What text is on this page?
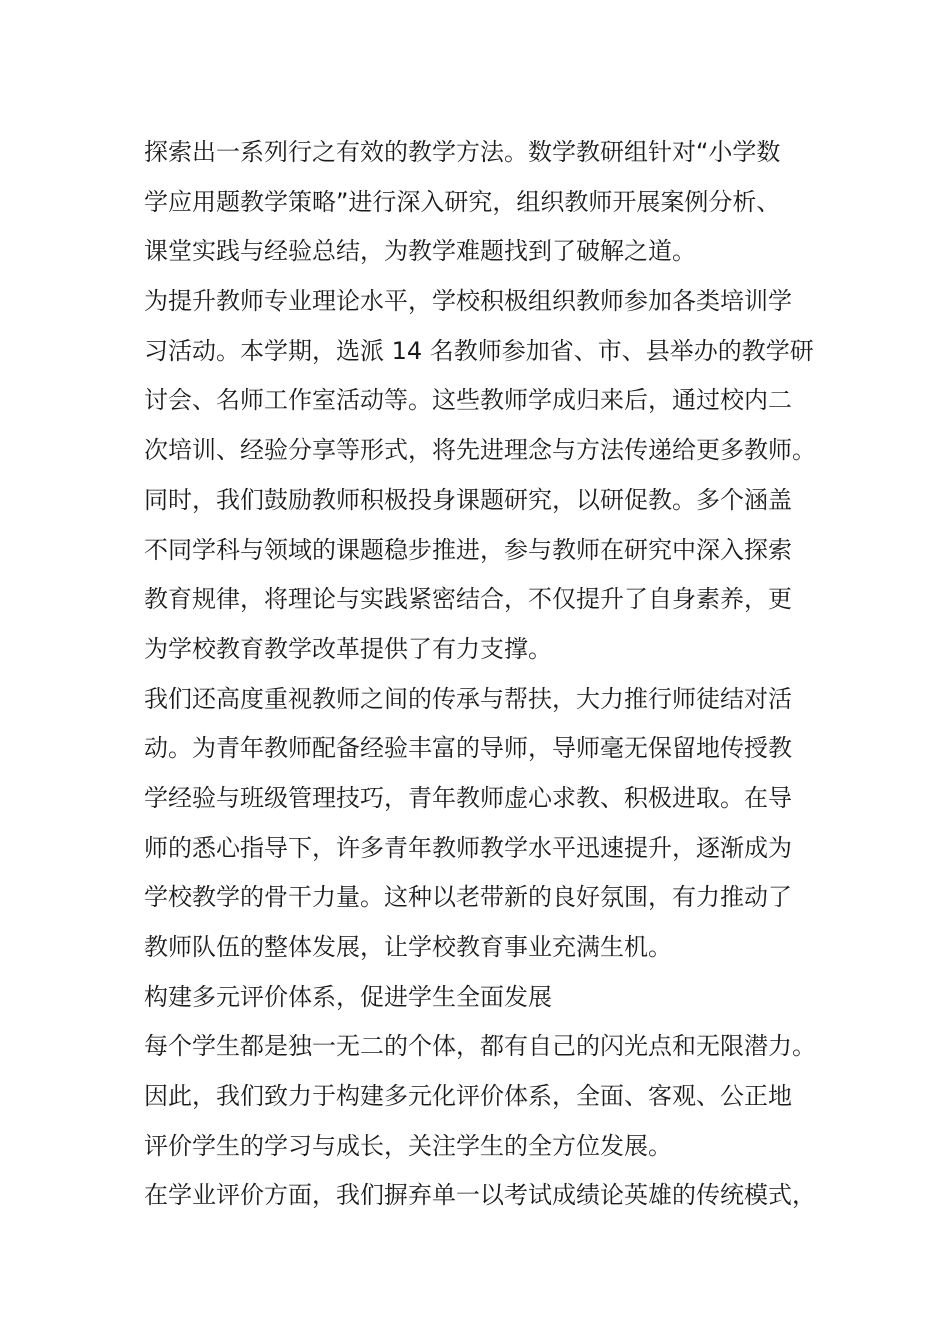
探索出一系列行之有效的教学方法。数学教研组针对“小学数
学应用题教学策略”进行深入研究，组织教师开展案例分析、
课堂实践与经验总结，为教学难题找到了破解之道。
为提升教师专业理论水平，学校积极组织教师参加各类培训学
习活动。本学期，选派 14 名教师参加省、市、县举办的教学研
讨会、名师工作室活动等。这些教师学成归来后，通过校内二
次培训、经验分享等形式，将先进理念与方法传递给更多教师。
同时，我们鼓励教师积极投身课题研究，以研促教。多个涵盖
不同学科与领域的课题稳步推进，参与教师在研究中深入探索
教育规律，将理论与实践紧密结合，不仅提升了自身素养，更
为学校教育教学改革提供了有力支撑。
我们还高度重视教师之间的传承与帮扶，大力推行师徒结对活
动。为青年教师配备经验丰富的导师，导师毫无保留地传授教
学经验与班级管理技巧，青年教师虚心求教、积极进取。在导
师的悉心指导下，许多青年教师教学水平迅速提升，逐渐成为
学校教学的骨干力量。这种以老带新的良好氛围，有力推动了
教师队伍的整体发展，让学校教育事业充满生机。
构建多元评价体系，促进学生全面发展
每个学生都是独一无二的个体，都有自己的闪光点和无限潜力。
因此，我们致力于构建多元化评价体系，全面、客观、公正地
评价学生的学习与成长，关注学生的全方位发展。
在学业评价方面，我们摒弃单一以考试成绩论英雄的传统模式，
